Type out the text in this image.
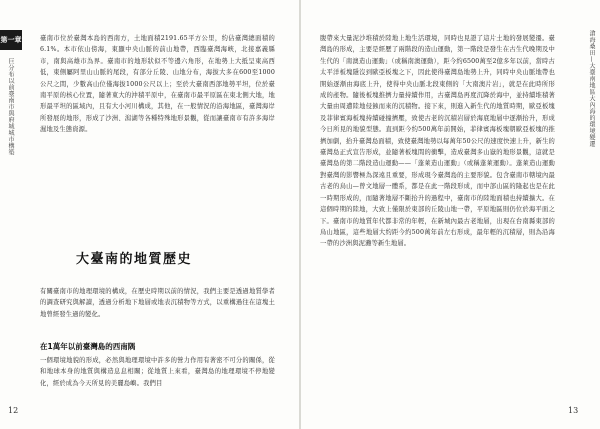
第一章
巨分布以前臺南市與府城城市構築
臺南市位於臺灣本島的西南方，土地面積2191.65平方公里，約佔臺灣總面積的6.1%。本市依山傍海，東顯中央山脈的前山地帶，西臨臺灣海峽，北接嘉義縣市，南與高雄市為界。臺南市的地形狀似不等邊六角形，在地勢上大抵呈東高西低，東側屬阿里山山脈的尾段，有部分丘陵、山地分布，海拔大多在600至1000公尺之間，少數高山位僅海拔1000公尺以上；至於大臺南西部地勢平坦，位於臺南平原的核心位置，隨著東大的沖積平原中，在臺南市最平原區在東北側大地，地形最平坦的區域內，且有大小河川構成，其他，在一般情況的沿海地區，臺灣海岸所發展的地形，形成了沙洲、潟湖等各種特殊地形景觀，從而讓臺南市有許多海岸濕地及生態資源。
大臺南的地質歷史
有關臺南市的地理環境的構成，在歷史時期以前的情況，我們主要是透過地質學者的調查研究與解讀，透過分析地下地層或地表沉積物等方式，以重構過往在這塊土地曾經發生過的變化。
在1萬年以前臺灣島的西南隅
一個環境地貌的形成，必然與地理環境中許多的營力作用有著密不可分的關係，從和地球本身的地質與構造息息相關；從地質上來看，臺灣島的地理環境不停地變化，經於成為今天所見的美麗島嶼。我們目
12
腹帶來大量泥沙堆積於陸地上地生活環境，同時也見證了這片土地的發展變遷。臺灣島的形成，主要是經歷了兩階段的造山運動，第一階段是發生在古生代晚期及中生代的「南澳造山運動」（或稱南澳運動），距今約6500萬至2億多年以前，當時古太平洋板塊隱沒到歐亞板塊之下，因此使得臺灣島地勢上升，同時中央山脈地帶也開始逐漸由海底上升，使得中央山脈北段東側的「大南澳片岩」，就是在此時所形成的產物。隨後板塊推擠力量持續作用，古臺灣島再度沉降於海中，並持續堆積著大量由周遭陸地侵蝕而來的沉積物。接下來，則進入新生代的地質時期，歐亞板塊及菲律賓海板塊持續碰撞擠壓，致使古老的沉積岩層於海底地層中逐漸抬升，形成今日所見的地貌型態。直到距今約500萬年前開始，菲律賓海板塊朝歐亞板塊的推擠加劇，抬升臺灣島面積，致使臺灣地勢以每萬年50公尺的速度快速上升，新生的臺灣島正式宣告形成，並隨著板塊間的衝擊，造成臺灣多山嶽的地形景觀，這就是臺灣島的第二階段造山運動——「蓬萊造山運動」（或稱蓬萊運動）。蓬萊造山運動對臺灣的影響極為深遠且重要，形成現今臺灣島的主要形貌。包含臺南市轄境內最古老的烏山—曾文地層一體系，都是在此一階段形成，而中部山區的隆起也是在此一時期形成的，而隨著地層不斷抬升的過程中，臺南市的陸地面積也持續擴大。在這個時期的陸地，大致上僅限於東部的丘陵山地一帶，平原地區則仍位於海平面之下。臺南市的地質年代都非常的年輕，在新城內最古老地層，出現在台南縣東部的烏山地區，這些地層大約距今約500萬年前左右形成，最年輕的沉積層，則為沿海一帶的沙洲與泥灘等新生地層。
滄海桑田—大臺南地區大內海的環境變遷
13
